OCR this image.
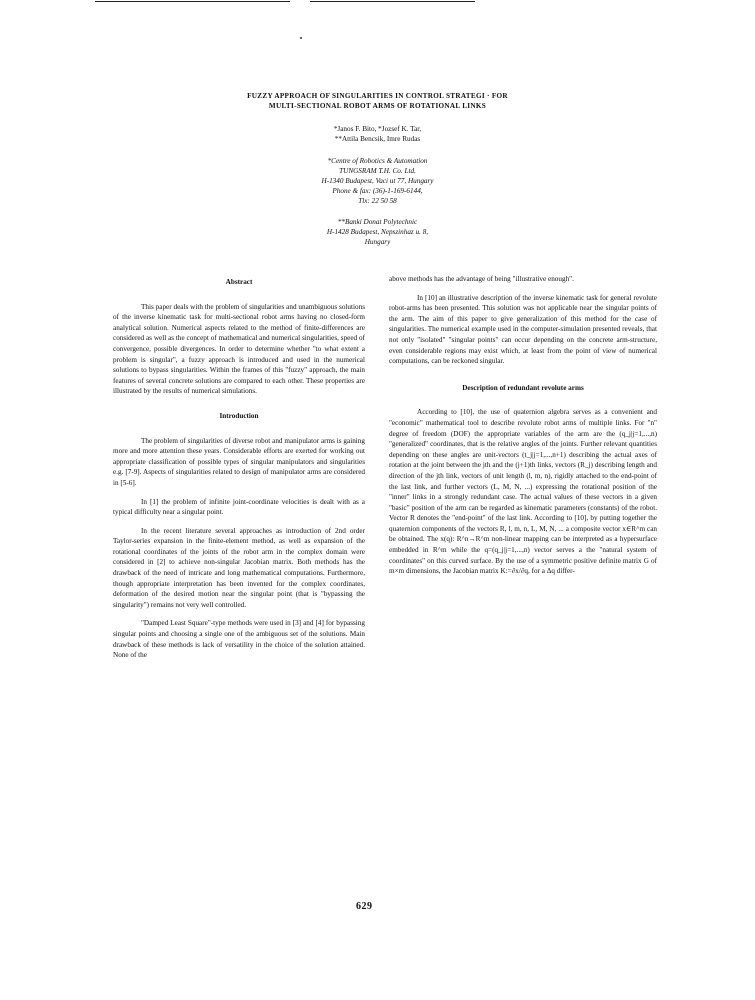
FUZZY APPROACH OF SINGULARITIES IN CONTROL STRATEGI · FOR
MULTI-SECTIONAL ROBOT ARMS OF ROTATIONAL LINKS
*Janos F. Bito, *Jozsef K. Tar,
**Attila Bencsik, Imre Rudas
*Centre of Robotics & Automation
TUNGSRAM T.H. Co. Ltd.
H-1340 Budapest, Vaci ut 77, Hungary
Phone & fax: (36)-1-169-6144,
Tlx: 22 50 58
**Banki Donat Polytechnic
H-1428 Budapest, Nepszinhaz u. 8,
Hungary
Abstract

This paper deals with the problem of singularities and unambiguous solutions of the inverse kinematic task for multi-sectional robot arms having no closed-form analytical solution. Numerical aspects related to the method of finite-differences are considered as well as the concept of mathematical and numerical singularities, speed of convergence, possible divergences. In order to determine whether "to what extent a problem is singular", a fuzzy approach is introduced and used in the numerical solutions to bypass singularities. Within the frames of this "fuzzy" approach, the main features of several concrete solutions are compared to each other. These properties are illustrated by the results of numerical simulations.

Introduction

The problem of singularities of diverse robot and manipulator arms is gaining more and more attention these years. Considerable efforts are exerted for working out appropriate classification of possible types of singular manipulators and singularities e.g. [7-9]. Aspects of singularities related to design of manipulator arms are considered in [5-6].

In [1] the problem of infinite joint-coordinate velocities is dealt with as a typical difficulty near a singular point.

In the recent literature several approaches as introduction of 2nd order Taylor-series expansion in the finite-element method, as well as expansion of the rotational coordinates of the joints of the robot arm in the complex domain were considered in [2] to achieve non-singular Jacobian matrix. Both methods has the drawback of the need of intricate and long mathematical computations. Furthermore, though appropriate interpretation has been invented for the complex coordinates, deformation of the desired motion near the singular point (that is "bypassing the singularity") remains not very well controlled.

"Damped Least Square"-type methods were used in [3] and [4] for bypassing singular points and choosing a single one of the ambiguous set of the solutions. Main drawback of these methods is lack of versatility in the choice of the solution attained. None of the

above methods has the advantage of being "illustrative enough".

In [10] an illustrative description of the inverse kinematic task for general revolute robot-arms has been presented. This solution was not applicable near the singular points of the arm. The aim of this paper to give generalization of this method for the case of singularities. The numerical example used in the computer-simulation presented reveals, that not only "isolated" "singular points" can occur depending on the concrete arm-structure, even considerable regions may exist which, at least from the point of view of numerical computations, can be reckoned singular.

Description of redundant revolute arms

According to [10], the use of quaternion algebra serves as a convenient and "economic" mathematical tool to describe revolute robot arms of multiple links. For "n" degree of freedom (DOF) the appropriate variables of the arm are the (q_j|j=1,...,n) "generalized" coordinates, that is the relative angles of the joints. Further relevant quantities depending on these angles are unit-vectors (t_j|j=1,...,n+1) describing the actual axes of rotation at the joint between the jth and the (j+1)th links, vectors (R_j) describing length and direction of the jth link, vectors of unit length (l, m, n), rigidly attached to the end-point of the last link, and further vectors (L, M, N, ...) expressing the rotational position of the "inner" links in a strongly redundant case. The actual values of these vectors in a given "basic" position of the arm can be regarded as kinematic parameters (constants) of the robot. Vector R denotes the "end-point" of the last link. According to [10], by putting together the quaternion components of the vectors R, l, m, n, L, M, N, ... a composite vector x∈R^m can be obtained. The x(q): R^n→R^m non-linear mapping can be interpreted as a hypersurface embedded in R^m while the q=(q_j|j=1,...,n) vector serves a the "natural system of coordinates" on this curved surface. By the use of a symmetric positive definite matrix G of m×m dimensions, the Jacobian matrix K:=∂x/∂q, for a Δq differ-

629
